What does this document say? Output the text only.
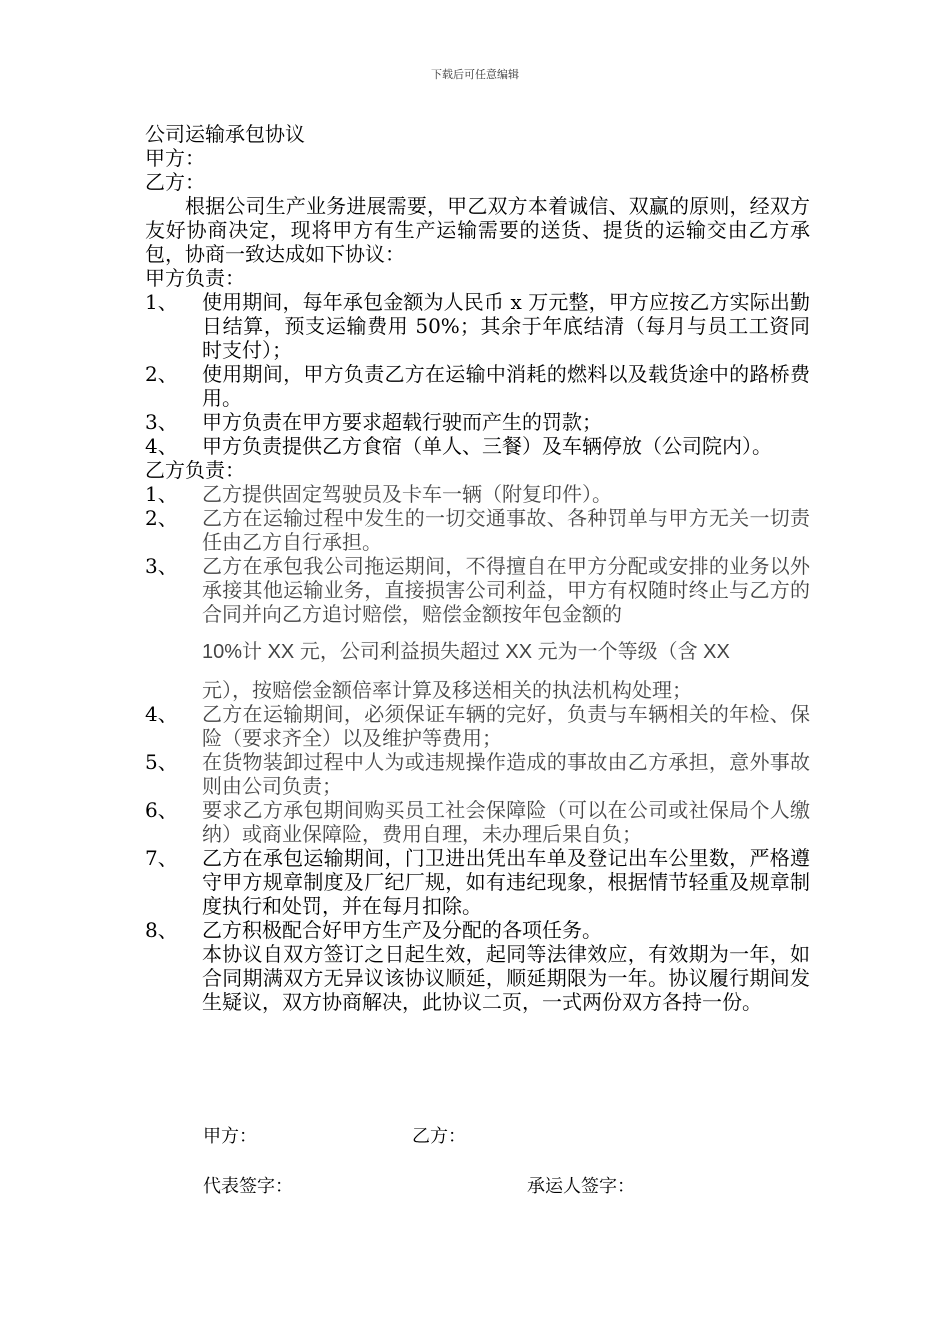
下载后可任意编辑
公司运输承包协议
甲方：
乙方：
根据公司生产业务进展需要，甲乙双方本着诚信、双赢的原则，经双方友好协商决定，现将甲方有生产运输需要的送货、提货的运输交由乙方承包，协商一致达成如下协议：
甲方负责：
1、	使用期间，每年承包金额为人民币 x 万元整，甲方应按乙方实际出勤日结算，预支运输费用 50%；其余于年底结清（每月与员工工资同时支付）；
2、	使用期间，甲方负责乙方在运输中消耗的燃料以及载货途中的路桥费用。
3、	甲方负责在甲方要求超载行驶而产生的罚款；
4、	甲方负责提供乙方食宿（单人、三餐）及车辆停放（公司院内）。
乙方负责：
1、	乙方提供固定驾驶员及卡车一辆（附复印件）。
2、	乙方在运输过程中发生的一切交通事故、各种罚单与甲方无关一切责任由乙方自行承担。
3、	乙方在承包我公司拖运期间，不得擅自在甲方分配或安排的业务以外承接其他运输业务，直接损害公司利益，甲方有权随时终止与乙方的合同并向乙方追讨赔偿，赔偿金额按年包金额的
10%计 XX 元，公司利益损失超过 XX 元为一个等级（含 XX
元），按赔偿金额倍率计算及移送相关的执法机构处理；
4、	乙方在运输期间，必须保证车辆的完好，负责与车辆相关的年检、保险（要求齐全）以及维护等费用；
5、	在货物装卸过程中人为或违规操作造成的事故由乙方承担，意外事故则由公司负责；
6、	要求乙方承包期间购买员工社会保障险（可以在公司或社保局个人缴纳）或商业保障险，费用自理，未办理后果自负；
7、	乙方在承包运输期间，门卫进出凭出车单及登记出车公里数，严格遵守甲方规章制度及厂纪厂规，如有违纪现象，根据情节轻重及规章制度执行和处罚，并在每月扣除。
8、	乙方积极配合好甲方生产及分配的各项任务。
本协议自双方签订之日起生效，起同等法律效应，有效期为一年，如合同期满双方无异议该协议顺延，顺延期限为一年。协议履行期间发生疑议，双方协商解决，此协议二页，一式两份双方各持一份。
甲方：	乙方：
代表签字：	承运人签字：
